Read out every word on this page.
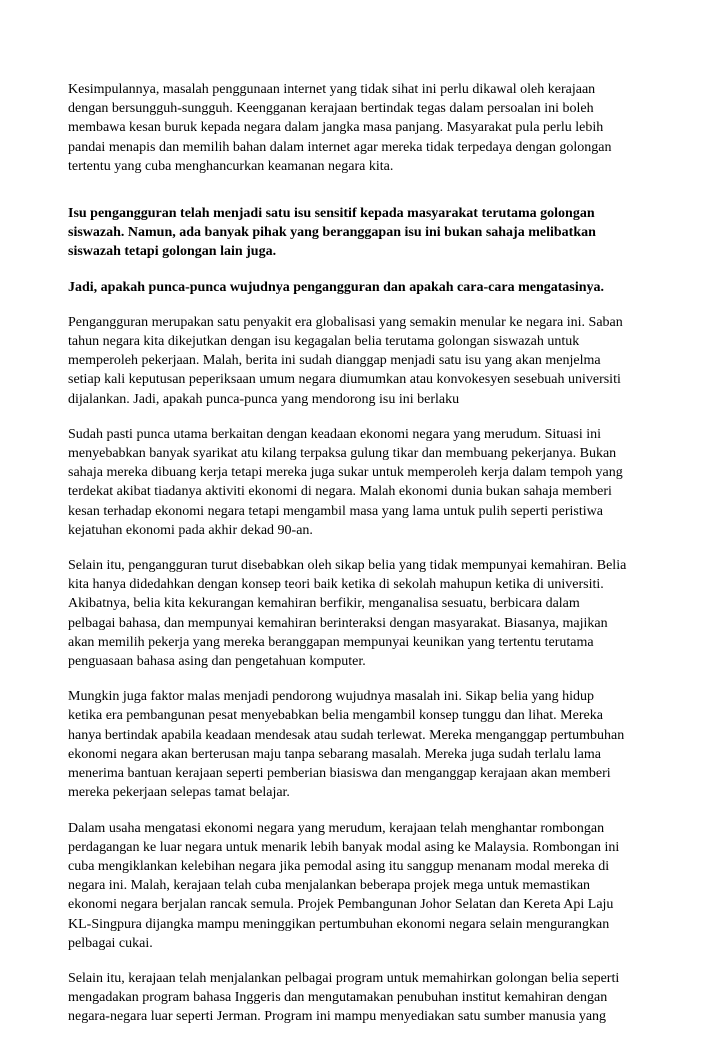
Kesimpulannya, masalah penggunaan internet yang tidak sihat ini perlu dikawal oleh kerajaan
dengan bersungguh-sungguh. Keengganan kerajaan bertindak tegas dalam persoalan ini boleh
membawa kesan buruk kepada negara dalam jangka masa panjang. Masyarakat pula perlu lebih
pandai menapis dan memilih bahan dalam internet agar mereka tidak terpedaya dengan golongan
tertentu yang cuba menghancurkan keamanan negara kita.
Isu pengangguran telah menjadi satu isu sensitif kepada masyarakat terutama golongan
siswazah. Namun, ada banyak pihak yang beranggapan isu ini bukan sahaja melibatkan
siswazah tetapi golongan lain juga.
Jadi, apakah punca-punca wujudnya pengangguran dan apakah cara-cara mengatasinya.
Pengangguran merupakan satu penyakit era globalisasi yang semakin menular ke negara ini. Saban
tahun negara kita dikejutkan dengan isu kegagalan belia terutama golongan siswazah untuk
memperoleh pekerjaan. Malah, berita ini sudah dianggap menjadi satu isu yang akan menjelma
setiap kali keputusan peperiksaan umum negara diumumkan atau konvokesyen sesebuah universiti
dijalankan. Jadi, apakah punca-punca yang mendorong isu ini berlaku
Sudah pasti punca utama berkaitan dengan keadaan ekonomi negara yang merudum. Situasi ini
menyebabkan banyak syarikat atu kilang terpaksa gulung tikar dan membuang pekerjanya. Bukan
sahaja mereka dibuang kerja tetapi mereka juga sukar untuk memperoleh kerja dalam tempoh yang
terdekat akibat tiadanya aktiviti ekonomi di negara. Malah ekonomi dunia bukan sahaja memberi
kesan terhadap ekonomi negara tetapi mengambil masa yang lama untuk pulih seperti peristiwa
kejatuhan ekonomi pada akhir dekad 90-an.
Selain itu, pengangguran turut disebabkan oleh sikap belia yang tidak mempunyai kemahiran. Belia
kita hanya didedahkan dengan konsep teori baik ketika di sekolah mahupun ketika di universiti.
Akibatnya, belia kita kekurangan kemahiran berfikir, menganalisa sesuatu, berbicara dalam
pelbagai bahasa, dan mempunyai kemahiran berinteraksi dengan masyarakat. Biasanya, majikan
akan memilih pekerja yang mereka beranggapan mempunyai keunikan yang tertentu terutama
penguasaan bahasa asing dan pengetahuan komputer.
Mungkin juga faktor malas menjadi pendorong wujudnya masalah ini. Sikap belia yang hidup
ketika era pembangunan pesat menyebabkan belia mengambil konsep tunggu dan lihat. Mereka
hanya bertindak apabila keadaan mendesak atau sudah terlewat. Mereka menganggap pertumbuhan
ekonomi negara akan berterusan maju tanpa sebarang masalah. Mereka juga sudah terlalu lama
menerima bantuan kerajaan seperti pemberian biasiswa dan menganggap kerajaan akan memberi
mereka pekerjaan selepas tamat belajar.
Dalam usaha mengatasi ekonomi negara yang merudum, kerajaan telah menghantar rombongan
perdagangan ke luar negara untuk menarik lebih banyak modal asing ke Malaysia. Rombongan ini
cuba mengiklankan kelebihan negara jika pemodal asing itu sanggup menanam modal mereka di
negara ini. Malah, kerajaan telah cuba menjalankan beberapa projek mega untuk memastikan
ekonomi negara berjalan rancak semula. Projek Pembangunan Johor Selatan dan Kereta Api Laju
KL-Singpura dijangka mampu meninggikan pertumbuhan ekonomi negara selain mengurangkan
pelbagai cukai.
Selain itu, kerajaan telah menjalankan pelbagai program untuk memahirkan golongan belia seperti
mengadakan program bahasa Inggeris dan mengutamakan penubuhan institut kemahiran dengan
negara-negara luar seperti Jerman. Program ini mampu menyediakan satu sumber manusia yang
